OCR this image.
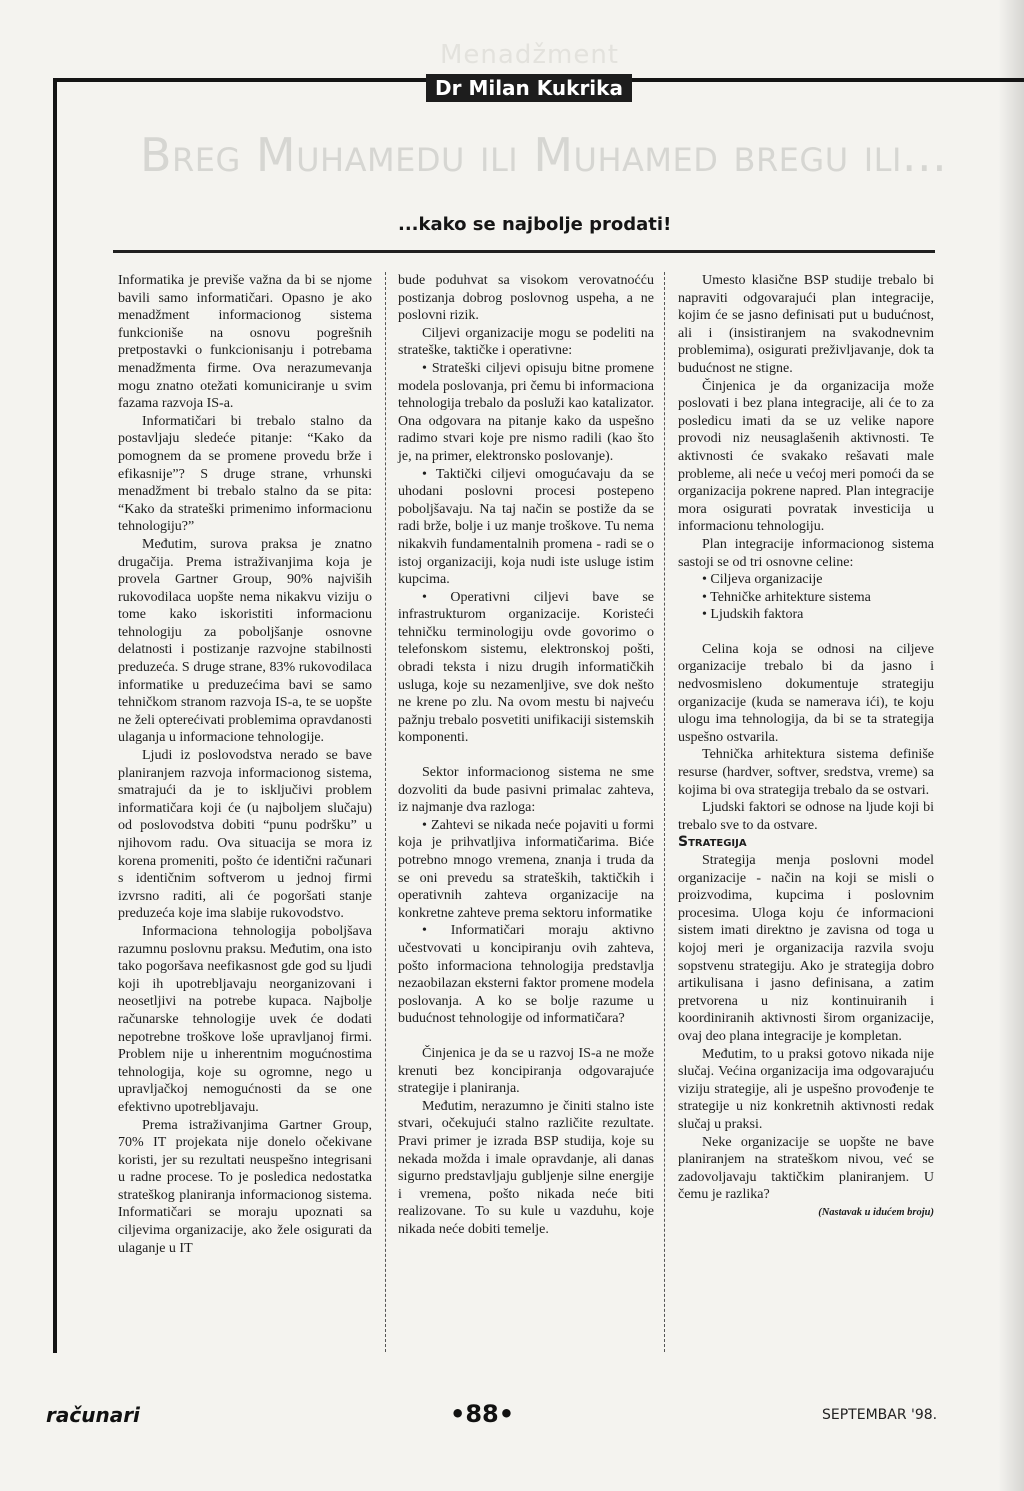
Menadžment
Dr Milan Kukrika
Breg Muhamedu ili Muhamed bregu ili...
...kako se najbolje prodati!

Informatika je previše važna da bi se njome bavili samo informatičari. Opasno je ako menadžment informacionog sistema funkcioniše na osnovu pogrešnih pretpostavki o funkcionisanju i potrebama menadžmenta firme. Ova nerazumevanja mogu znatno otežati komuniciranje u svim fazama razvoja IS-a.

Informatičari bi trebalo stalno da postavljaju sledeće pitanje: “Kako da pomognem da se promene provedu brže i efikasnije”? S druge strane, vrhunski menadžment bi trebalo stalno da se pita: “Kako da strateški primenimo informacionu tehnologiju?”

Međutim, surova praksa je znatno drugačija. Prema istraživanjima koja je provela Gartner Group, 90% najviših rukovodilaca uopšte nema nikakvu viziju o tome kako iskoristiti informacionu tehnologiju za poboljšanje osnovne delatnosti i postizanje razvojne stabilnosti preduzeća. S druge strane, 83% rukovodilaca informatike u preduzećima bavi se samo tehničkom stranom razvoja IS-a, te se uopšte ne želi opterećivati problemima opravdanosti ulaganja u informacione tehnologije.

Ljudi iz poslovodstva nerado se bave planiranjem razvoja informacionog sistema, smatrajući da je to isključivi problem informatičara koji će (u najboljem slučaju) od poslovodstva dobiti “punu podršku” u njihovom radu. Ova situacija se mora iz korena promeniti, pošto će identični računari s identičnim softverom u jednoj firmi izvrsno raditi, ali će pogoršati stanje preduzeća koje ima slabije rukovodstvo.

Informaciona tehnologija poboljšava razumnu poslovnu praksu. Međutim, ona isto tako pogoršava neefikasnost gde god su ljudi koji ih upotrebljavaju neorganizovani i neosetljivi na potrebe kupaca. Najbolje računarske tehnologije uvek će dodati nepotrebne troškove loše upravljanoj firmi. Problem nije u inherentnim mogućnostima tehnologija, koje su ogromne, nego u upravljačkoj nemogućnosti da se one efektivno upotrebljavaju.

Prema istraživanjima Gartner Group, 70% IT projekata nije donelo očekivane koristi, jer su rezultati neuspešno integrisani u radne procese. To je posledica nedostatka strateškog planiranja informacionog sistema. Informatičari se moraju upoznati sa ciljevima organizacije, ako žele osigurati da ulaganje u IT

bude poduhvat sa visokom verovatnoćću postizanja dobrog poslovnog uspeha, a ne poslovni rizik.

Ciljevi organizacije mogu se podeliti na strateške, taktičke i operativne:

• Strateški ciljevi opisuju bitne promene modela poslovanja, pri čemu bi informaciona tehnologija trebalo da posluži kao katalizator. Ona odgovara na pitanje kako da uspešno radimo stvari koje pre nismo radili (kao što je, na primer, elektronsko poslovanje).

• Taktički ciljevi omogućavaju da se uhodani poslovni procesi postepeno poboljšavaju. Na taj način se postiže da se radi brže, bolje i uz manje troškove. Tu nema nikakvih fundamentalnih promena - radi se o istoj organizaciji, koja nudi iste usluge istim kupcima.

• Operativni ciljevi bave se infrastrukturom organizacije. Koristeći tehničku terminologiju ovde govorimo o telefonskom sistemu, elektronskoj pošti, obradi teksta i nizu drugih informatičkih usluga, koje su nezamenljive, sve dok nešto ne krene po zlu. Na ovom mestu bi najveću pažnju trebalo posvetiti unifikaciji sistemskih komponenti.

Sektor informacionog sistema ne sme dozvoliti da bude pasivni primalac zahteva, iz najmanje dva razloga:

• Zahtevi se nikada neće pojaviti u formi koja je prihvatljiva informatičarima. Biće potrebno mnogo vremena, znanja i truda da se oni prevedu sa strateških, taktičkih i operativnih zahteva organizacije na konkretne zahteve prema sektoru informatike

• Informatičari moraju aktivno učestvovati u koncipiranju ovih zahteva, pošto informaciona tehnologija predstavlja nezaobilazan eksterni faktor promene modela poslovanja. A ko se bolje razume u budućnost tehnologije od informatičara?

Činjenica je da se u razvoj IS-a ne može krenuti bez koncipiranja odgovarajuće strategije i planiranja.

Međutim, nerazumno je činiti stalno iste stvari, očekujući stalno različite rezultate. Pravi primer je izrada BSP studija, koje su nekada možda i imale opravdanje, ali danas sigurno predstavljaju gubljenje silne energije i vremena, pošto nikada neće biti realizovane. To su kule u vazduhu, koje nikada neće dobiti temelje.

Umesto klasične BSP studije trebalo bi napraviti odgovarajući plan integracije, kojim će se jasno definisati put u budućnost, ali i (insistiranjem na svakodnevnim problemima), osigurati preživljavanje, dok ta budućnost ne stigne.

Činjenica je da organizacija može poslovati i bez plana integracije, ali će to za posledicu imati da se uz velike napore provodi niz neusaglašenih aktivnosti. Te aktivnosti će svakako rešavati male probleme, ali neće u većoj meri pomoći da se organizacija pokrene napred. Plan integracije mora osigurati povratak investicija u informacionu tehnologiju.

Plan integracije informacionog sistema sastoji se od tri osnovne celine:

• Ciljeva organizacije

• Tehničke arhitekture sistema

• Ljudskih faktora

Celina koja se odnosi na ciljeve organizacije trebalo bi da jasno i nedvosmisleno dokumentuje strategiju organizacije (kuda se namerava ići), te koju ulogu ima tehnologija, da bi se ta strategija uspešno ostvarila.

Tehnička arhitektura sistema definiše resurse (hardver, softver, sredstva, vreme) sa kojima bi ova strategija trebalo da se ostvari.

Ljudski faktori se odnose na ljude koji bi trebalo sve to da ostvare.

Strategija

Strategija menja poslovni model organizacije - način na koji se misli o proizvodima, kupcima i poslovnim procesima. Uloga koju će informacioni sistem imati direktno je zavisna od toga u kojoj meri je organizacija razvila svoju sopstvenu strategiju. Ako je strategija dobro artikulisana i jasno definisana, a zatim pretvorena u niz kontinuiranih i koordiniranih aktivnosti širom organizacije, ovaj deo plana integracije je kompletan.

Međutim, to u praksi gotovo nikada nije slučaj. Većina organizacija ima odgovarajuću viziju strategije, ali je uspešno provođenje te strategije u niz konkretnih aktivnosti redak slučaj u praksi.

Neke organizacije se uopšte ne bave planiranjem na strateškom nivou, već se zadovoljavaju taktičkim planiranjem. U čemu je razlika?

(Nastavak u idućem broju)

računari	•88•	SEPTEMBAR '98.
